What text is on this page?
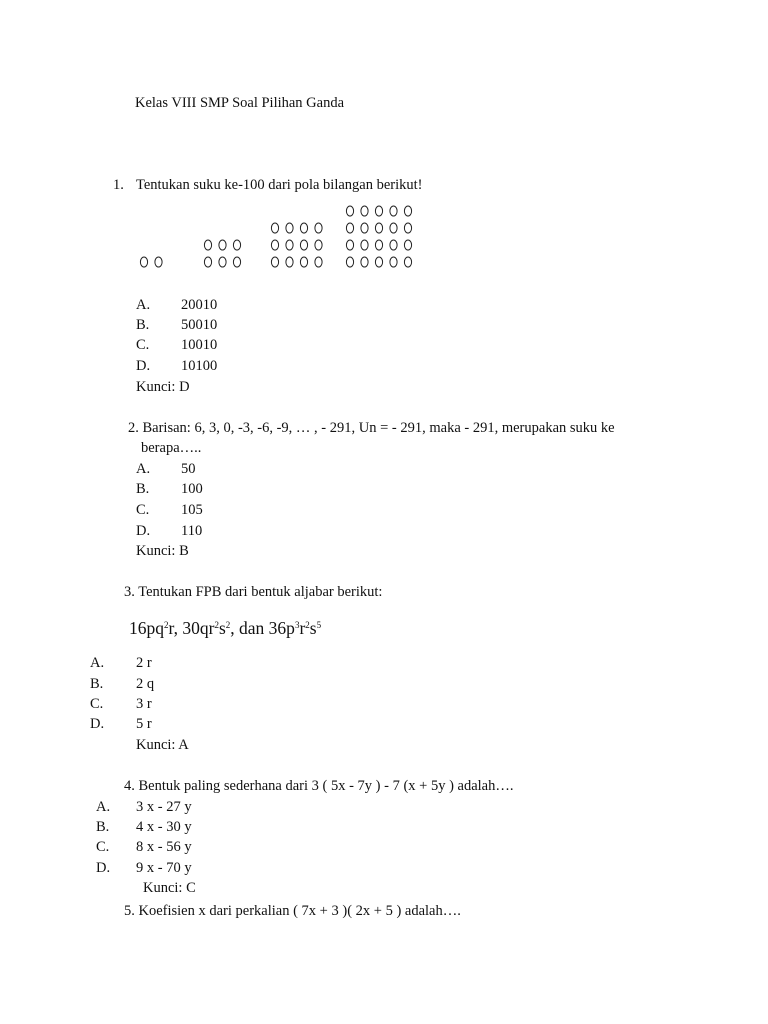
Kelas VIII SMP Soal Pilihan Ganda
1. Tentukan suku ke-100 dari pola bilangan berikut!
A. 20010
B. 50010
C. 10010
D. 10100
Kunci: D
2. Barisan: 6, 3, 0, -3, -6, -9, … , - 291, Un = - 291, maka - 291, merupakan suku ke
berapa…..
A. 50
B. 100
C. 105
D. 110
Kunci: B
3. Tentukan FPB dari bentuk aljabar berikut:
$16pq^2r$, $30qr^2s^2$, dan $36p^3r^2s^5$
A. 2 r
B. 2 q
C. 3 r
D. 5 r
Kunci: A
4. Bentuk paling sederhana dari 3 ( 5x - 7y ) - 7 (x + 5y ) adalah….
A. 3 x - 27 y
B. 4 x - 30 y
C. 8 x - 56 y
D. 9 x - 70 y
Kunci: C
5. Koefisien x dari perkalian ( 7x + 3 )( 2x + 5 ) adalah….
